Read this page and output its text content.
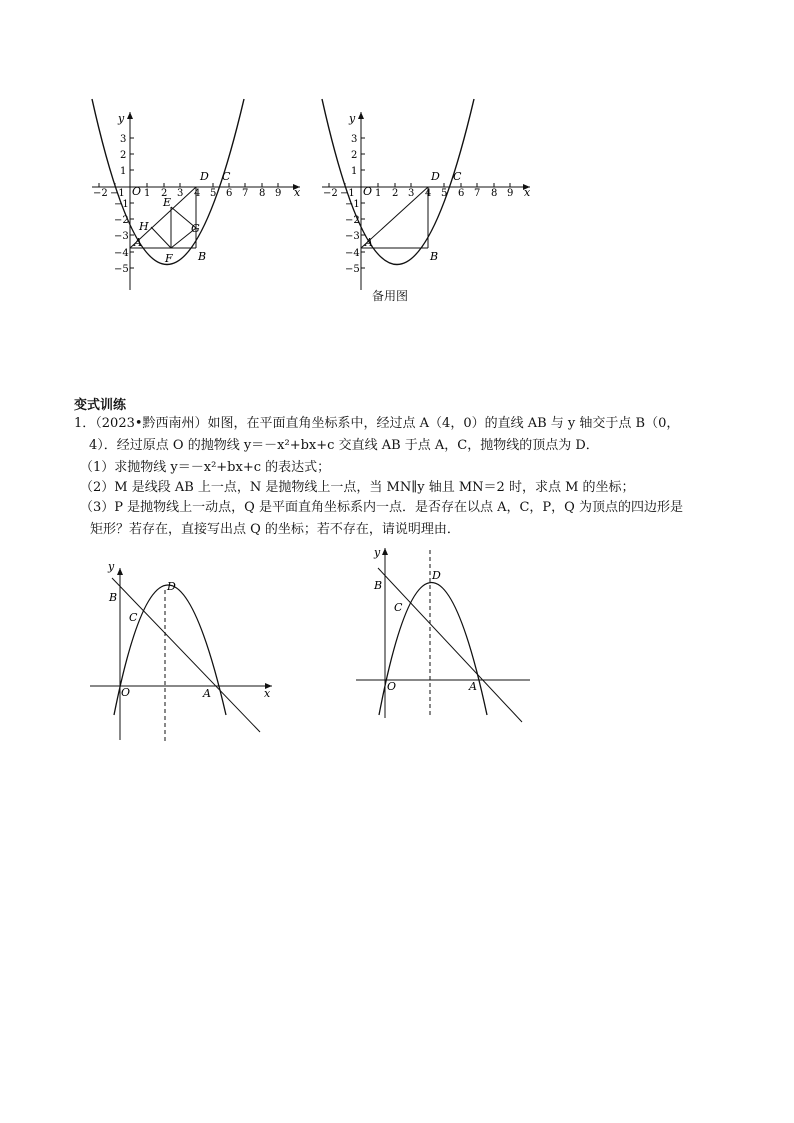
−2 −1 1 2 3 4 5 6 7 8 9
3
2
1
−1
−2
−3
−4
−5
x
y
O
A
B
C
D
E
F
G
H
−2 −1 1 2 3 4 5 6 7 8 9
3
2
1
−1
−2
−3
−4
−5
x
y
O
A
B
C
D
备用图
变式训练
1．（2023•黔西南州）如图，在平面直角坐标系中，经过点 A（4，0）的直线 AB 与 y 轴交于点 B（0，
4）．经过原点 O 的抛物线 y＝－x²+bx+c 交直线 AB 于点 A，C，抛物线的顶点为 D．
（1）求抛物线 y＝－x²+bx+c 的表达式；
（2）M 是线段 AB 上一点，N 是抛物线上一点，当 MN∥y 轴且 MN＝2 时，求点 M 的坐标；
（3）P 是抛物线上一动点，Q 是平面直角坐标系内一点．是否存在以点 A，C，P，Q 为顶点的四边形是
矩形？若存在，直接写出点 Q 的坐标；若不存在，请说明理由．
x
y
O	A
B
C
D
y
O	A
B
C
D
